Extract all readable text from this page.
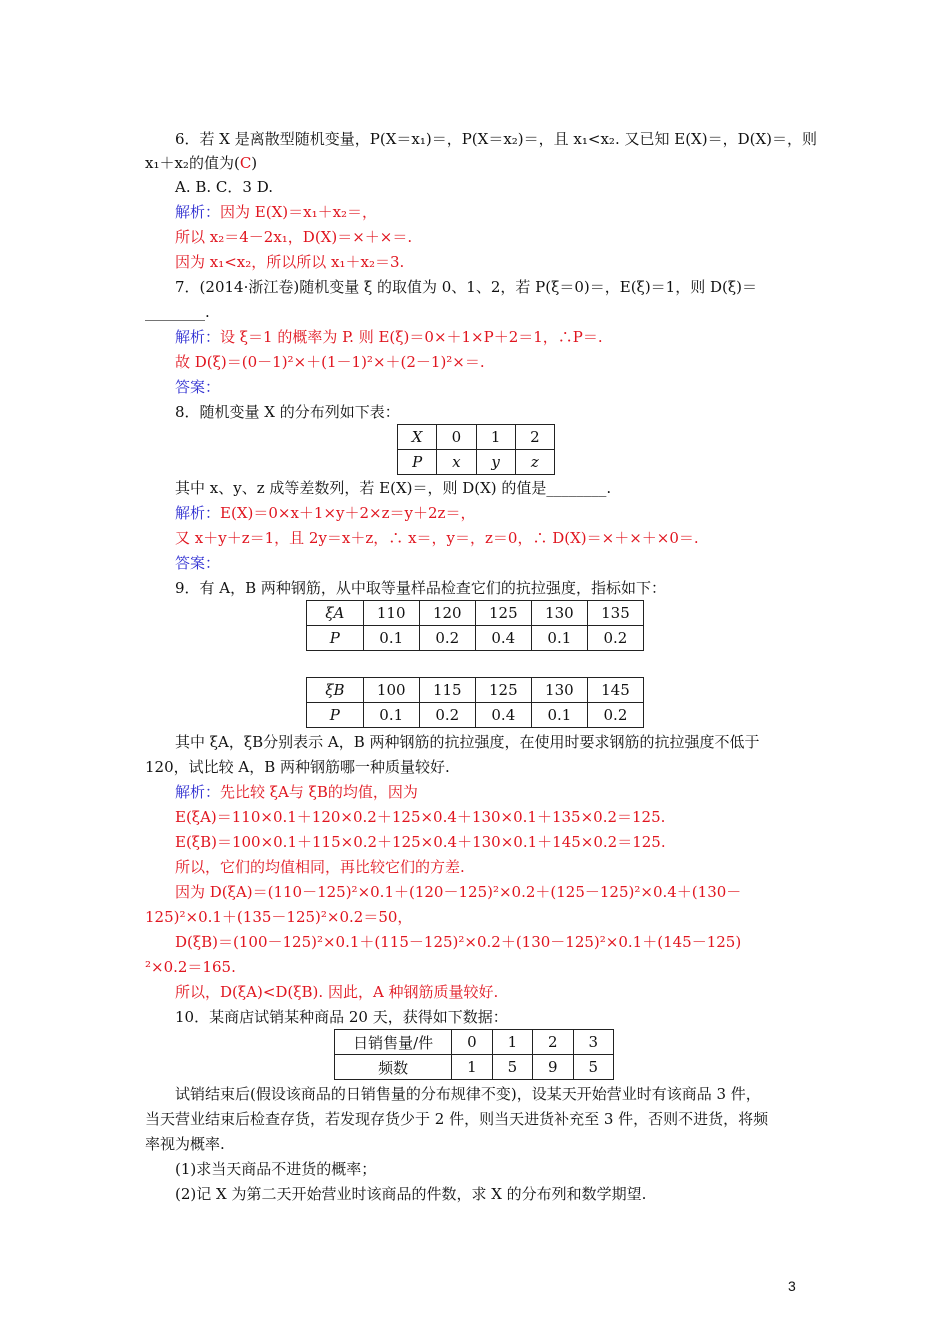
6．若 X 是离散型随机变量，P(X＝x₁)＝，P(X＝x₂)＝，且 x₁<x₂. 又已知 E(X)＝，D(X)＝，则
x₁＋x₂的值为(C)
A. B. C．3 D.
解析：因为 E(X)＝x₁＋x₂＝，
所以 x₂＝4－2x₁，D(X)＝×＋×＝.
因为 x₁<x₂，所以所以 x₁＋x₂＝3.
7．(2014·浙江卷)随机变量 ξ 的取值为 0、1、2，若 P(ξ＝0)＝，E(ξ)＝1，则 D(ξ)＝
________.
解析：设 ξ＝1 的概率为 P. 则 E(ξ)＝0×＋1×P＋2＝1，∴P＝.
故 D(ξ)＝(0－1)²×＋(1－1)²×＋(2－1)²×＝.
答案：
8．随机变量 X 的分布列如下表：
X	0	1	2
P	x	y	z
其中 x、y、z 成等差数列，若 E(X)＝，则 D(X) 的值是________.
解析：E(X)＝0×x＋1×y＋2×z＝y＋2z＝，
又 x＋y＋z＝1，且 2y＝x＋z，∴ x＝，y＝，z＝0，∴ D(X)＝×＋×＋×0＝.
答案：
9．有 A，B 两种钢筋，从中取等量样品检查它们的抗拉强度，指标如下：
ξA	110	120	125	130	135
P	0.1	0.2	0.4	0.1	0.2
ξB	100	115	125	130	145
P	0.1	0.2	0.4	0.1	0.2
其中 ξA，ξB分别表示 A，B 两种钢筋的抗拉强度，在使用时要求钢筋的抗拉强度不低于
120，试比较 A，B 两种钢筋哪一种质量较好.
解析：先比较 ξA与 ξB的均值，因为
E(ξA)＝110×0.1＋120×0.2＋125×0.4＋130×0.1＋135×0.2＝125.
E(ξB)＝100×0.1＋115×0.2＋125×0.4＋130×0.1＋145×0.2＝125.
所以，它们的均值相同，再比较它们的方差.
因为 D(ξA)＝(110－125)²×0.1＋(120－125)²×0.2＋(125－125)²×0.4＋(130－
125)²×0.1＋(135－125)²×0.2＝50，
D(ξB)＝(100－125)²×0.1＋(115－125)²×0.2＋(130－125)²×0.1＋(145－125)
²×0.2＝165.
所以，D(ξA)<D(ξB). 因此，A 种钢筋质量较好.
10．某商店试销某种商品 20 天，获得如下数据：
日销售量/件	0	1	2	3
频数	1	5	9	5
试销结束后(假设该商品的日销售量的分布规律不变)，设某天开始营业时有该商品 3 件，
当天营业结束后检查存货，若发现存货少于 2 件，则当天进货补充至 3 件，否则不进货，将频
率视为概率.
(1)求当天商品不进货的概率；
(2)记 X 为第二天开始营业时该商品的件数，求 X 的分布列和数学期望.
3
